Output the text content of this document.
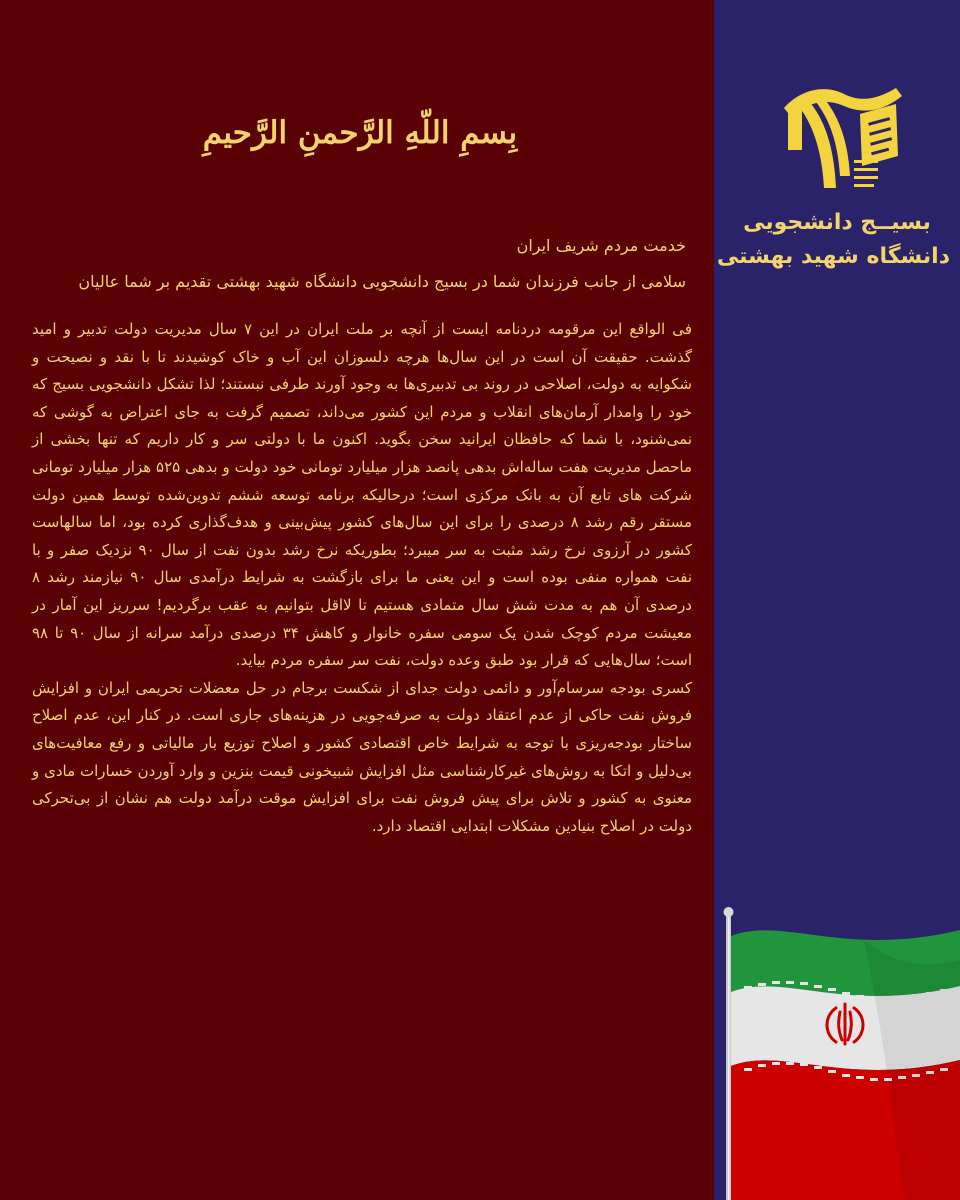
بِسمِ اللّهِ الرَّحمنِ الرَّحیمِ

خدمت مردم شریف ایران

سلامی از جانب فرزندان شما در بسیج دانشجویی دانشگاه شهید بهشتی تقدیم بر شما عالیان

فی الواقع این مرقومه دردنامه ایست از آنچه بر ملت ایران در این ۷ سال مدیریت دولت تدبیر و امید گذشت. حقیقت آن است در این سال‌ها هرچه دلسوزان این آب و خاک کوشیدند تا با نقد و نصیحت و شکوایه به دولت، اصلاحی در روند بی تدبیری‌ها به وجود آورند طرفی نبستند؛ لذا تشکل دانشجویی بسیج که خود را وامدار آرمان‌های انقلاب و مردم این کشور می‌داند، تصمیم گرفت به جای اعتراض به گوشی که نمی‌شنود، با شما که حافظان ایرانید سخن بگوید. اکنون ما با دولتی سر و کار داریم که تنها بخشی از ماحصل مدیریت هفت ساله‌اش بدهی پانصد هزار میلیارد تومانی خود دولت و بدهی ۵۲۵ هزار میلیارد تومانی شرکت های تابع آن به بانک مرکزی است؛ درحالیکه برنامه توسعه ششم تدوین‌شده توسط همین دولت مستقر رقم رشد ۸ درصدی را برای این سال‌های کشور پیش‌بینی و هدف‌گذاری کرده بود، اما سالهاست کشور در آرزوی نرخ رشد مثبت به سر میبرد؛ بطوریکه نرخ رشد بدون نفت از سال ۹۰ نزدیک صفر و با نفت همواره منفی بوده است و این یعنی ما برای بازگشت به شرایط درآمدی سال ۹۰ نیازمند رشد ۸ درصدی آن هم به مدت شش سال متمادی هستیم تا لااقل بتوانیم به عقب برگردیم! سرریز این آمار در معیشت مردم کوچک شدن یک سومی سفره خانوار و کاهش ۳۴ درصدی درآمد سرانه از سال ۹۰ تا ۹۸ است؛ سال‌هایی که قرار بود طبق وعده دولت، نفت سر سفره مردم بیاید.

کسری بودجه سرسام‌آور و دائمی دولت جدای از شکست برجام در حل معضلات تحریمی ایران و افزایش فروش نفت حاکی از عدم اعتقاد دولت به صرفه‌جویی در هزینه‌های جاری است. در کنار این، عدم اصلاح ساختار بودجه‌ریزی با توجه به شرایط خاص اقتصادی کشور و اصلاح توزیع بار مالیاتی و رفع معافیت‌های بی‌دلیل و اتکا به روش‌های غیرکارشناسی مثل افزایش شبیخونی قیمت بنزین و وارد آوردن خسارات مادی و معنوی به کشور و تلاش برای پیش فروش نفت برای افزایش موقت درآمد دولت هم نشان از بی‌تحرکی دولت در اصلاح بنیادین مشکلات ابتدایی اقتصاد دارد.

بسیــج دانشجویی
دانشگاه شهید بهشتی
